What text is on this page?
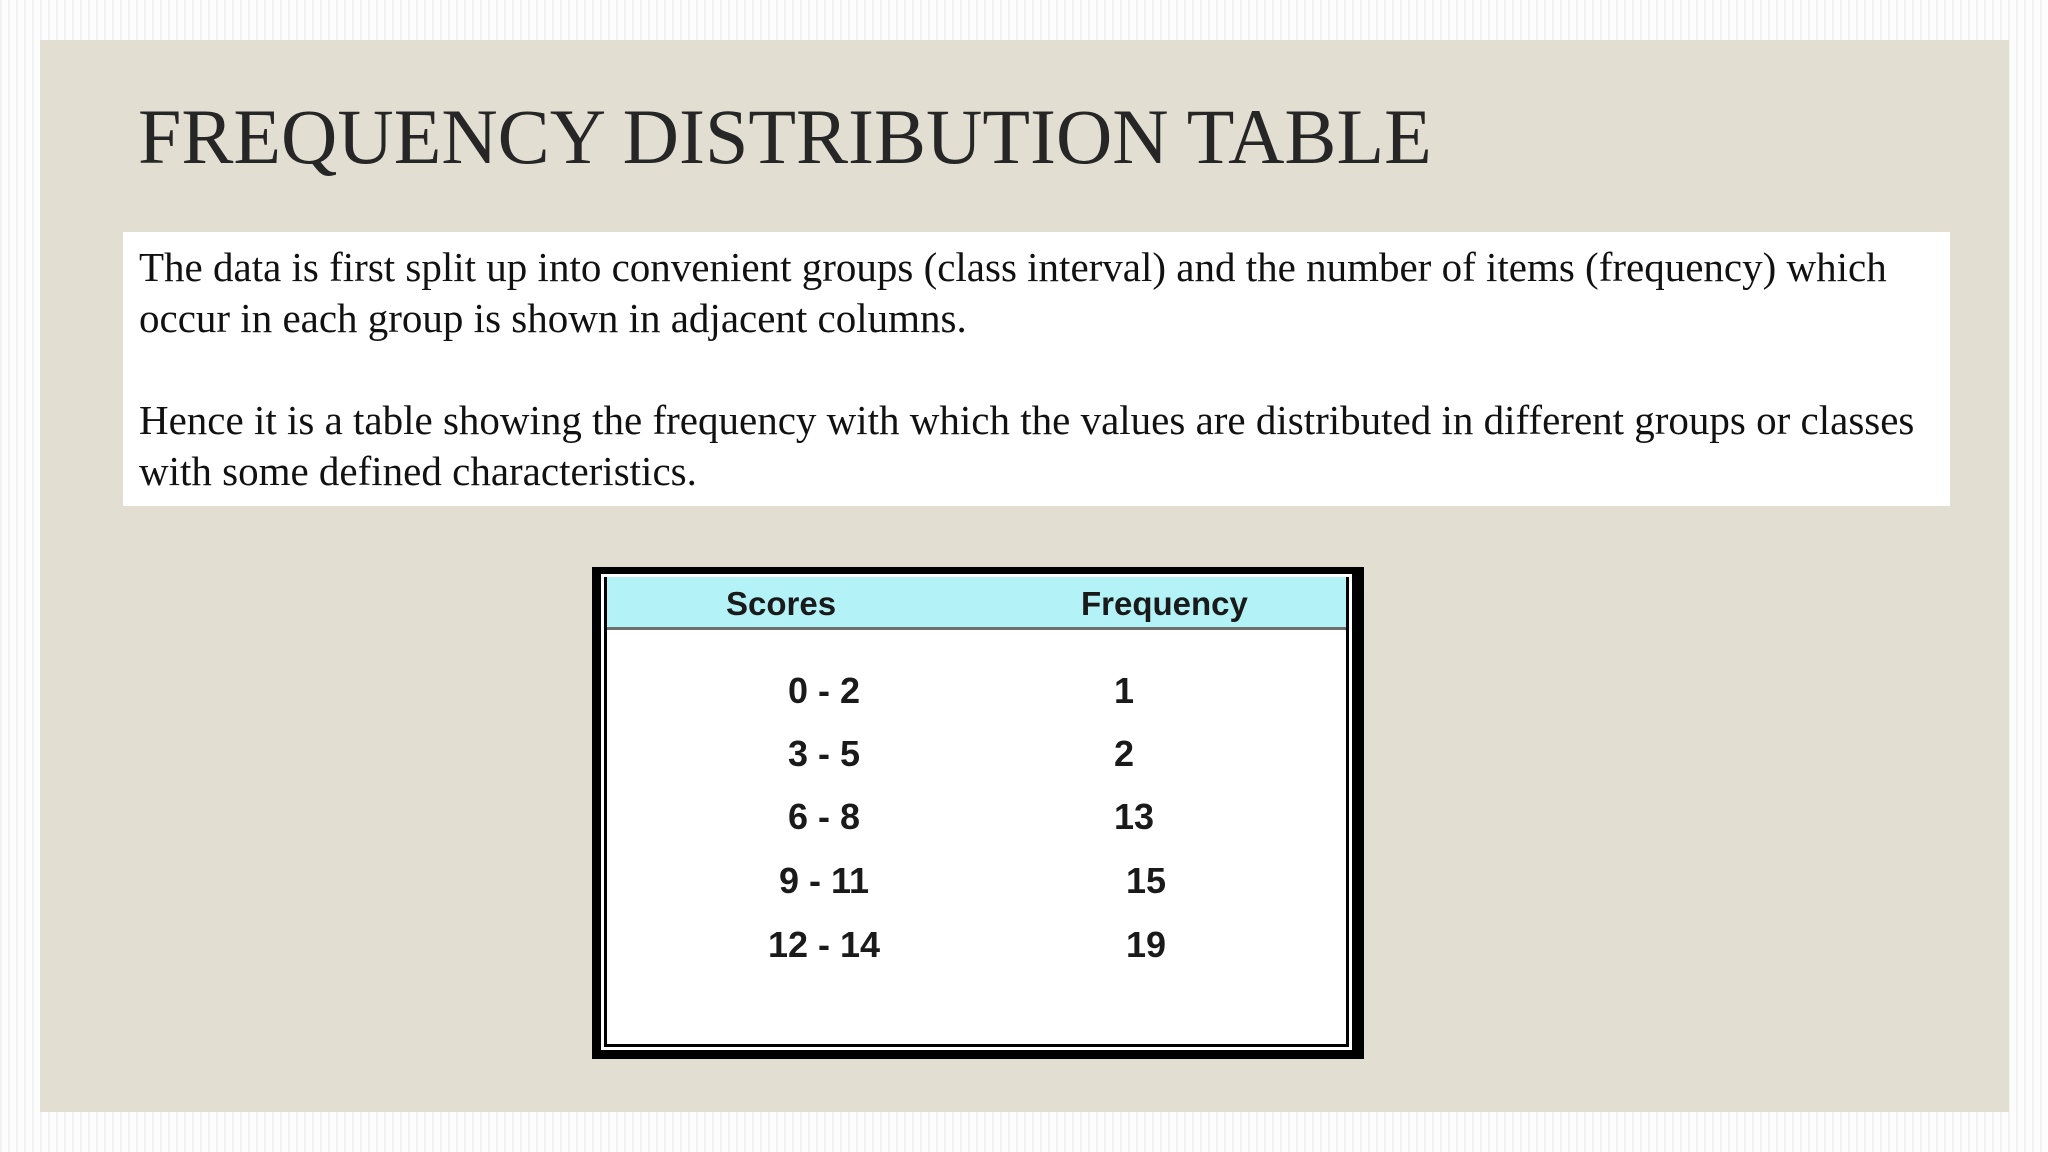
FREQUENCY DISTRIBUTION TABLE

The data is first split up into convenient groups (class interval) and the number of items (frequency) which occur in each group is shown in adjacent columns.

Hence it is a table showing the frequency with which the values are distributed in different groups or classes with some defined characteristics.

Scores	Frequency
0 - 2	1
3 - 5	2
6 - 8	13
9 - 11	15
12 - 14	19
